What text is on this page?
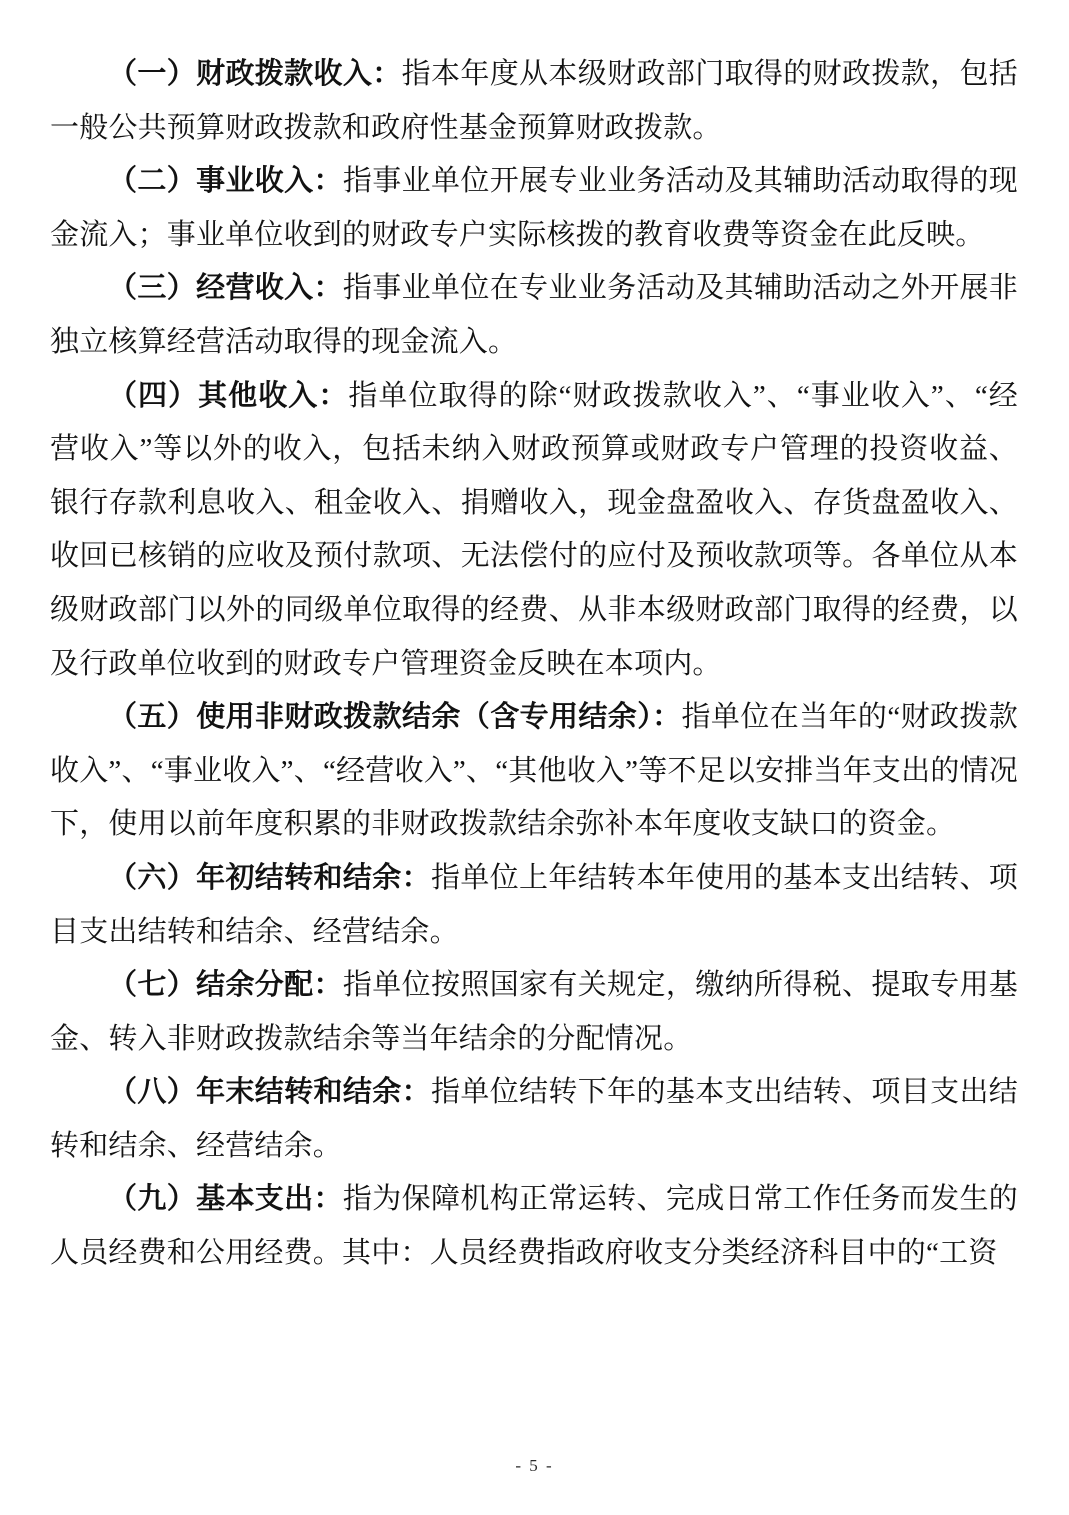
（一）财政拨款收入：指本年度从本级财政部门取得的财政拨款，包括一般公共预算财政拨款和政府性基金预算财政拨款。

（二）事业收入：指事业单位开展专业业务活动及其辅助活动取得的现金流入；事业单位收到的财政专户实际核拨的教育收费等资金在此反映。

（三）经营收入：指事业单位在专业业务活动及其辅助活动之外开展非独立核算经营活动取得的现金流入。

（四）其他收入：指单位取得的除“财政拨款收入”、“事业收入”、“经营收入”等以外的收入，包括未纳入财政预算或财政专户管理的投资收益、银行存款利息收入、租金收入、捐赠收入，现金盘盈收入、存货盘盈收入、收回已核销的应收及预付款项、无法偿付的应付及预收款项等。各单位从本级财政部门以外的同级单位取得的经费、从非本级财政部门取得的经费，以及行政单位收到的财政专户管理资金反映在本项内。

（五）使用非财政拨款结余（含专用结余）：指单位在当年的“财政拨款收入”、“事业收入”、“经营收入”、“其他收入”等不足以安排当年支出的情况下，使用以前年度积累的非财政拨款结余弥补本年度收支缺口的资金。

（六）年初结转和结余：指单位上年结转本年使用的基本支出结转、项目支出结转和结余、经营结余。

（七）结余分配：指单位按照国家有关规定，缴纳所得税、提取专用基金、转入非财政拨款结余等当年结余的分配情况。

（八）年末结转和结余：指单位结转下年的基本支出结转、项目支出结转和结余、经营结余。

（九）基本支出：指为保障机构正常运转、完成日常工作任务而发生的人员经费和公用经费。其中：人员经费指政府收支分类经济科目中的“工资

- 5 -
